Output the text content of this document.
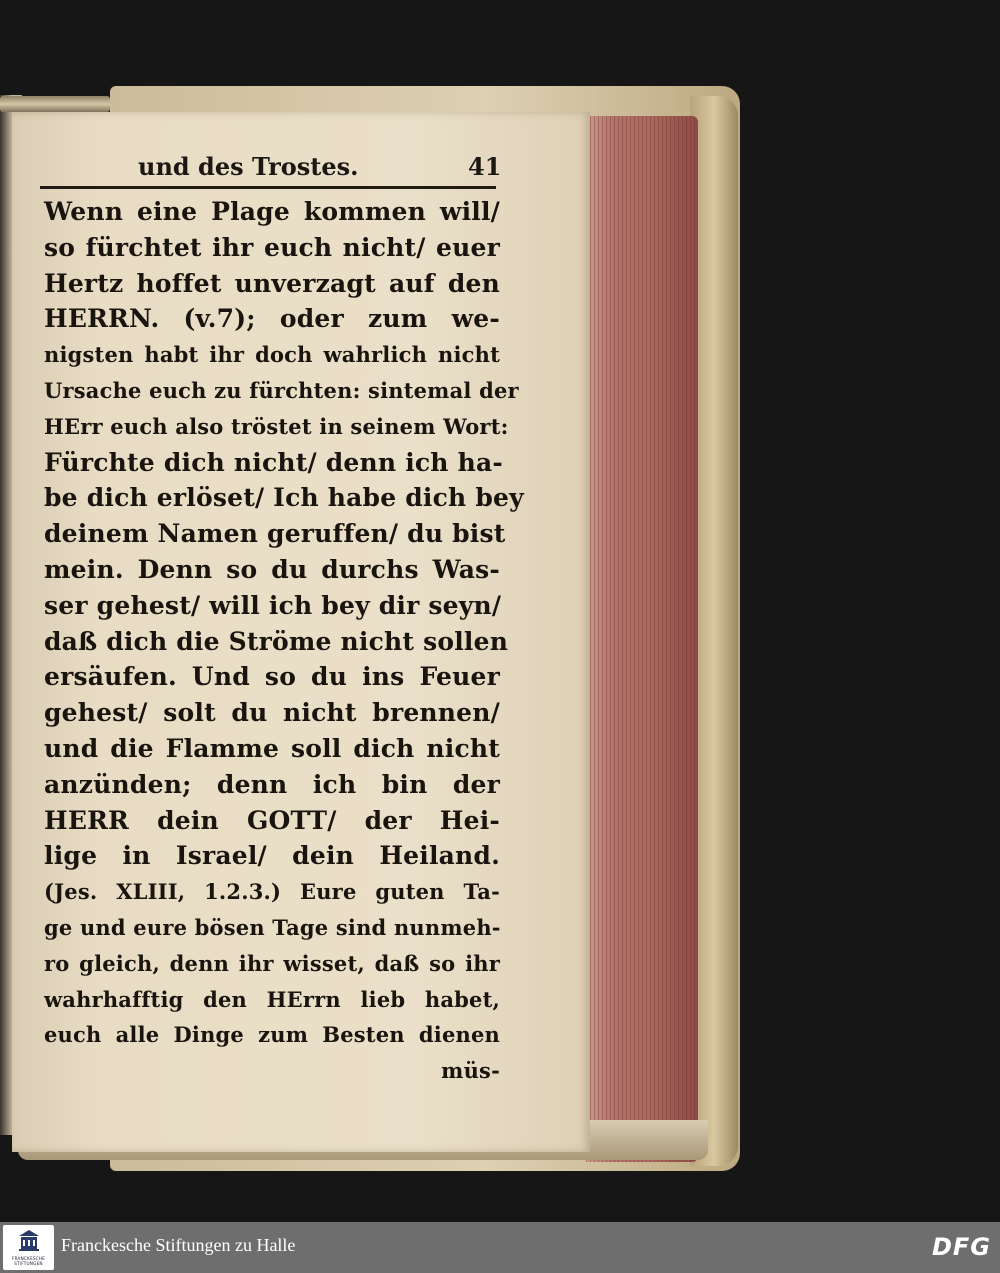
und des Trostes.	41
Wenn eine Plage kommen will/
so fürchtet ihr euch nicht/ euer
Hertz hoffet unverzagt auf den
HERRN. (v.7); oder zum we-
nigsten habt ihr doch wahrlich nicht
Ursache euch zu fürchten: sintemal der
HErr euch also tröstet in seinem Wort:
Fürchte dich nicht/ denn ich ha-
be dich erlöset/ Ich habe dich bey
deinem Namen geruffen/ du bist
mein. Denn so du durchs Was-
ser gehest/ will ich bey dir seyn/
daß dich die Ströme nicht sollen
ersäufen. Und so du ins Feuer
gehest/ solt du nicht brennen/
und die Flamme soll dich nicht
anzünden; denn ich bin der
HERR dein GOTT/ der Hei-
lige in Israel/ dein Heiland.
(Jes. XLIII, 1.2.3.) Eure guten Ta-
ge und eure bösen Tage sind nunmeh-
ro gleich, denn ihr wisset, daß so ihr
wahrhafftig den HErrn lieb habet,
euch alle Dinge zum Besten dienen
müs-
FRANCKESCHE STIFTUNGEN
Franckesche Stiftungen zu Halle	DFG
